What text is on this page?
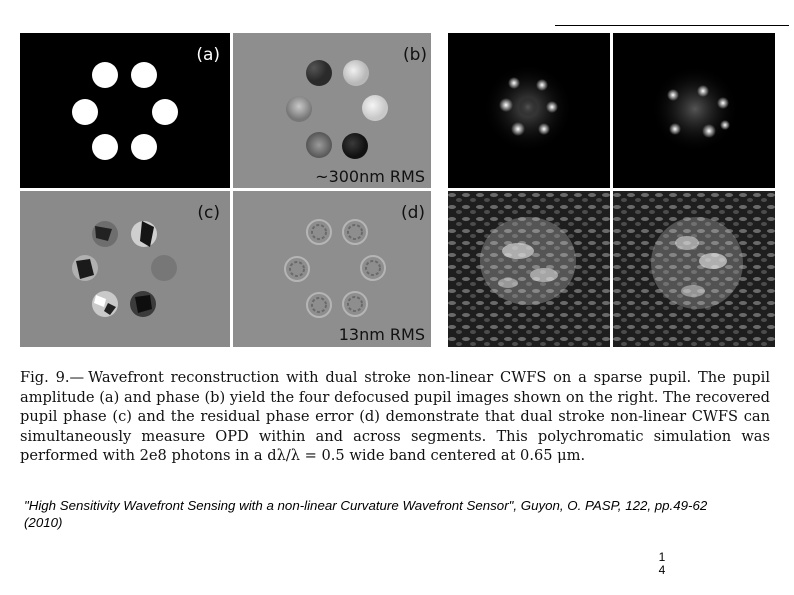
(a)	(b)
~300nm RMS
(c)	(d)
13nm RMS
Fig. 9.— Wavefront reconstruction with dual stroke non-linear CWFS on a sparse pupil. The pupil amplitude (a) and phase (b) yield the four defocused pupil images shown on the right. The recovered pupil phase (c) and the residual phase error (d) demonstrate that dual stroke non-linear CWFS can simultaneously measure OPD within and across segments. This polychromatic simulation was performed with 2e8 photons in a dλ/λ = 0.5 wide band centered at 0.65 μm.
"High Sensitivity Wavefront Sensing with a non-linear Curvature Wavefront Sensor", Guyon, O. PASP, 122, pp.49-62 (2010)
1
4
